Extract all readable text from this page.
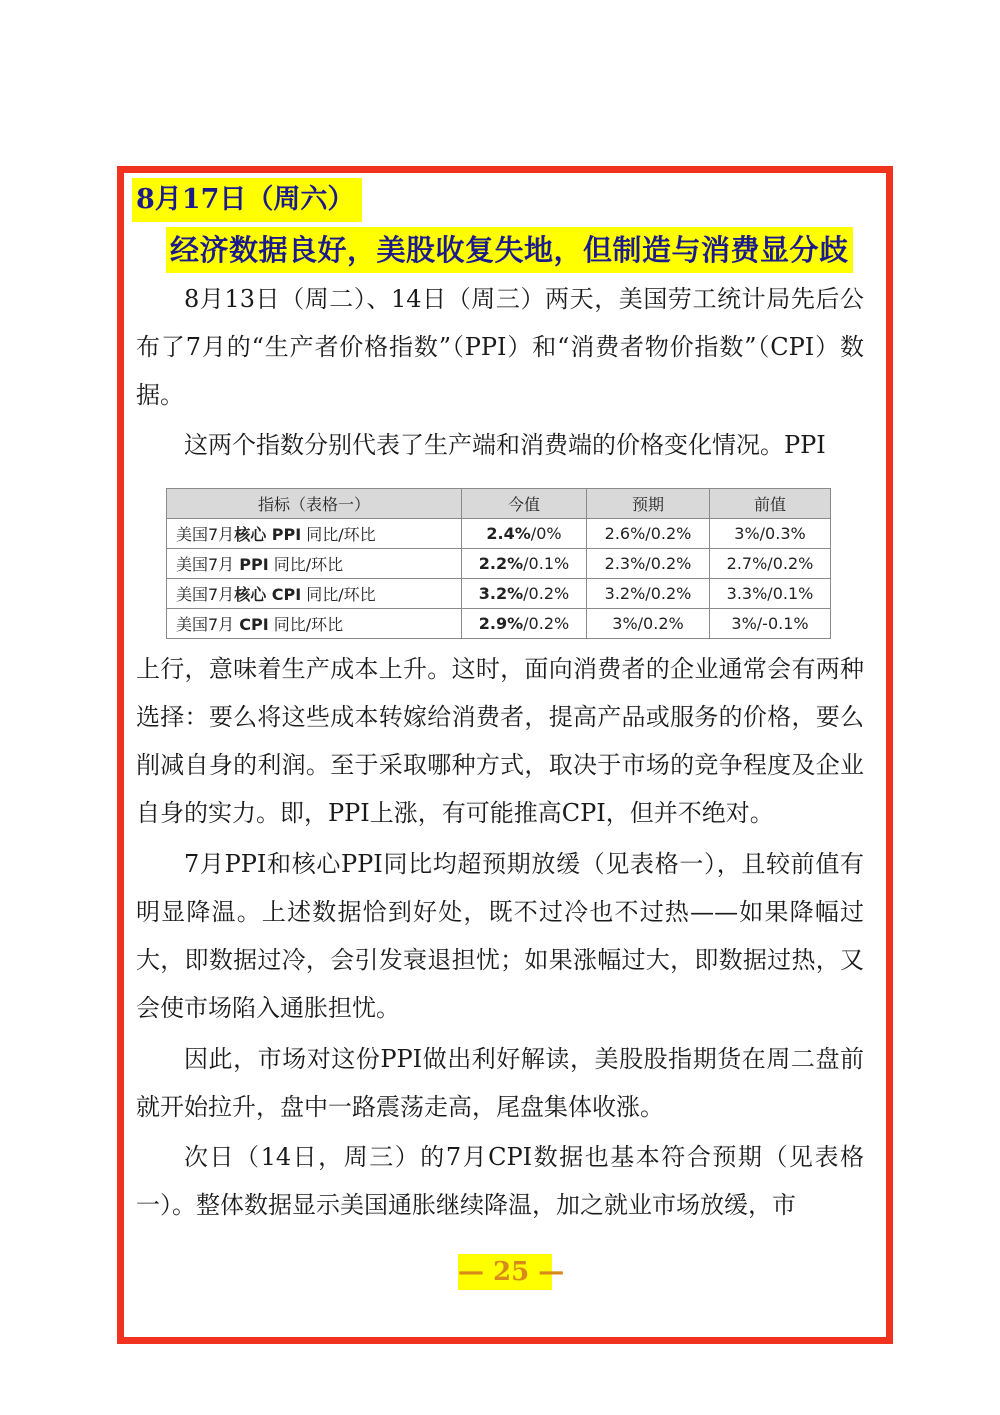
8月17日（周六）
经济数据良好，美股收复失地，但制造与消费显分歧

8月13日（周二）、14日（周三）两天，美国劳工统计局先后公布了7月的“生产者价格指数”（PPI）和“消费者物价指数”（CPI）数据。

这两个指数分别代表了生产端和消费端的价格变化情况。PPI

指标（表格一）	今值	预期	前值
美国7月核心 PPI 同比/环比	2.4%/0%	2.6%/0.2%	3%/0.3%
美国7月 PPI 同比/环比	2.2%/0.1%	2.3%/0.2%	2.7%/0.2%
美国7月核心 CPI 同比/环比	3.2%/0.2%	3.2%/0.2%	3.3%/0.1%
美国7月 CPI 同比/环比	2.9%/0.2%	3%/0.2%	3%/-0.1%

上行，意味着生产成本上升。这时，面向消费者的企业通常会有两种选择：要么将这些成本转嫁给消费者，提高产品或服务的价格，要么削减自身的利润。至于采取哪种方式，取决于市场的竞争程度及企业自身的实力。即，PPI上涨，有可能推高CPI，但并不绝对。

7月PPI和核心PPI同比均超预期放缓（见表格一），且较前值有明显降温。上述数据恰到好处，既不过冷也不过热——如果降幅过大，即数据过冷，会引发衰退担忧；如果涨幅过大，即数据过热，又会使市场陷入通胀担忧。

因此，市场对这份PPI做出利好解读，美股股指期货在周二盘前就开始拉升，盘中一路震荡走高，尾盘集体收涨。

次日（14日，周三）的7月CPI数据也基本符合预期（见表格一）。整体数据显示美国通胀继续降温，加之就业市场放缓，市

— 25 —
